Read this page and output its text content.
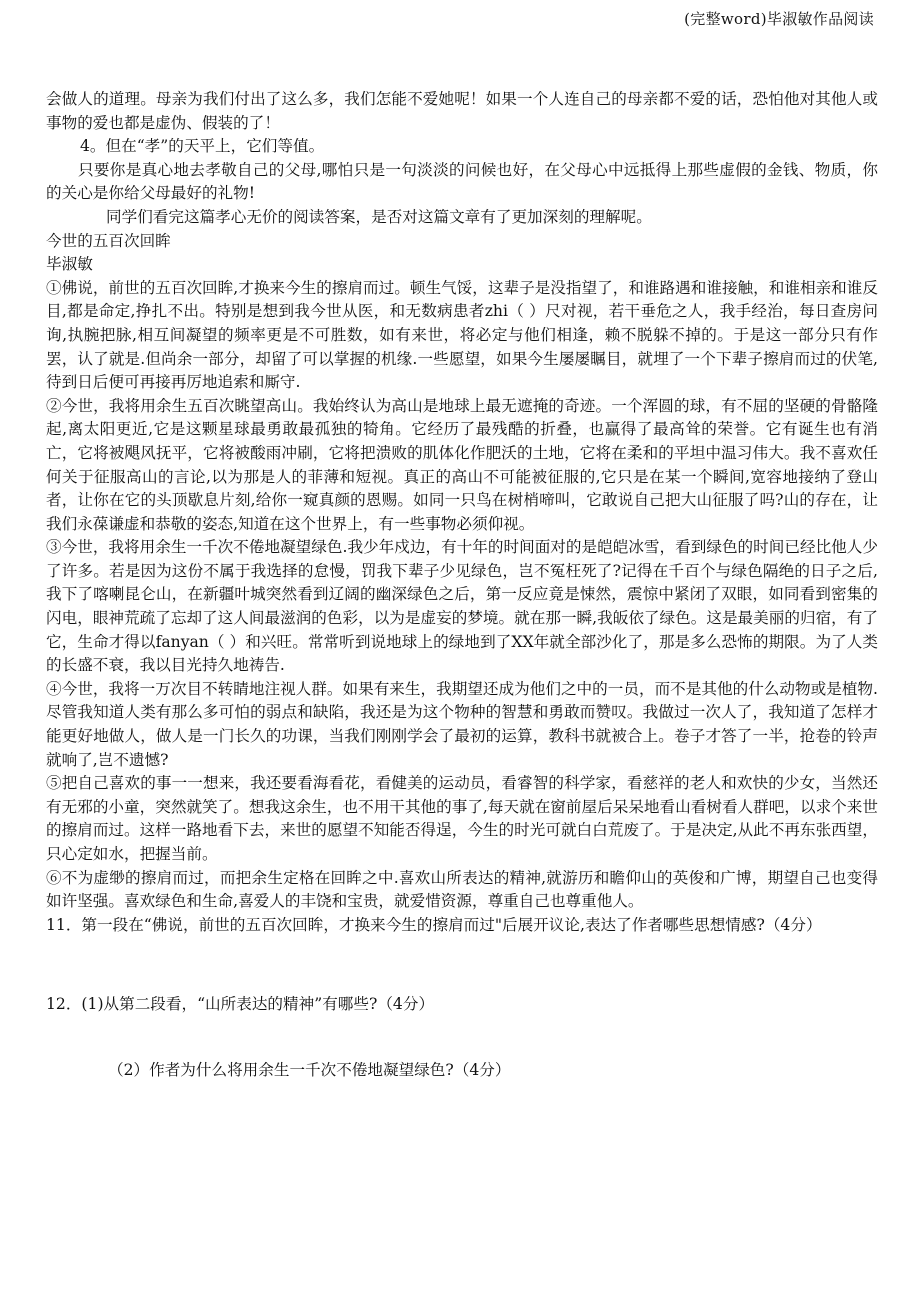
(完整word)毕淑敏作品阅读

会做人的道理。母亲为我们付出了这么多，我们怎能不爱她呢！如果一个人连自己的母亲都不爱的话，恐怕他对其他人或事物的爱也都是虚伪、假装的了！

4。但在“孝”的天平上，它们等值。

只要你是真心地去孝敬自己的父母,哪怕只是一句淡淡的问候也好，在父母心中远抵得上那些虚假的金钱、物质，你的关心是你给父母最好的礼物!

同学们看完这篇孝心无价的阅读答案，是否对这篇文章有了更加深刻的理解呢。

今世的五百次回眸

毕淑敏

①佛说，前世的五百次回眸,才换来今生的擦肩而过。顿生气馁，这辈子是没指望了，和谁路遇和谁接触，和谁相亲和谁反目,都是命定,挣扎不出。特别是想到我今世从医，和无数病患者zhi（ ）尺对视，若干垂危之人，我手经治，每日查房问询,执腕把脉,相互间凝望的频率更是不可胜数，如有来世，将必定与他们相逢，赖不脱躲不掉的。于是这一部分只有作罢，认了就是.但尚余一部分，却留了可以掌握的机缘.一些愿望，如果今生屡屡瞩目，就埋了一个下辈子擦肩而过的伏笔,待到日后便可再接再厉地追索和厮守.

②今世，我将用余生五百次眺望高山。我始终认为高山是地球上最无遮掩的奇迹。一个浑圆的球，有不屈的坚硬的骨骼隆起,离太阳更近,它是这颗星球最勇敢最孤独的犄角。它经历了最残酷的折叠，也赢得了最高耸的荣誉。它有诞生也有消亡，它将被飓风抚平，它将被酸雨冲刷，它将把溃败的肌体化作肥沃的土地，它将在柔和的平坦中温习伟大。我不喜欢任何关于征服高山的言论,以为那是人的菲薄和短视。真正的高山不可能被征服的,它只是在某一个瞬间,宽容地接纳了登山者，让你在它的头顶歇息片刻,给你一窥真颜的恩赐。如同一只鸟在树梢啼叫，它敢说自己把大山征服了吗?山的存在，让我们永葆谦虚和恭敬的姿态,知道在这个世界上，有一些事物必须仰视。

③今世，我将用余生一千次不倦地凝望绿色.我少年戍边，有十年的时间面对的是皑皑冰雪，看到绿色的时间已经比他人少了许多。若是因为这份不属于我选择的怠慢，罚我下辈子少见绿色，岂不冤枉死了?记得在千百个与绿色隔绝的日子之后,我下了喀喇昆仑山，在新疆叶城突然看到辽阔的幽深绿色之后，第一反应竟是悚然，震惊中紧闭了双眼，如同看到密集的闪电，眼神荒疏了忘却了这人间最滋润的色彩，以为是虚妄的梦境。就在那一瞬,我皈依了绿色。这是最美丽的归宿，有了它，生命才得以fanyan（ ）和兴旺。常常听到说地球上的绿地到了XX年就全部沙化了，那是多么恐怖的期限。为了人类的长盛不衰，我以目光持久地祷告.

④今世，我将一万次目不转睛地注视人群。如果有来生，我期望还成为他们之中的一员，而不是其他的什么动物或是植物.尽管我知道人类有那么多可怕的弱点和缺陷，我还是为这个物种的智慧和勇敢而赞叹。我做过一次人了，我知道了怎样才能更好地做人，做人是一门长久的功课，当我们刚刚学会了最初的运算，教科书就被合上。卷子才答了一半，抢卷的铃声就响了,岂不遗憾?

⑤把自己喜欢的事一一想来，我还要看海看花，看健美的运动员，看睿智的科学家，看慈祥的老人和欢快的少女，当然还有无邪的小童，突然就笑了。想我这余生，也不用干其他的事了,每天就在窗前屋后呆呆地看山看树看人群吧，以求个来世的擦肩而过。这样一路地看下去，来世的愿望不知能否得逞，今生的时光可就白白荒废了。于是决定,从此不再东张西望，只心定如水，把握当前。

⑥不为虚缈的擦肩而过，而把余生定格在回眸之中.喜欢山所表达的精神,就游历和瞻仰山的英俊和广博，期望自己也变得如许坚强。喜欢绿色和生命,喜爱人的丰饶和宝贵，就爱惜资源，尊重自己也尊重他人。

11．第一段在“佛说，前世的五百次回眸，才换来今生的擦肩而过"后展开议论,表达了作者哪些思想情感?（4分）

12．(1)从第二段看，“山所表达的精神”有哪些?（4分）

（2）作者为什么将用余生一千次不倦地凝望绿色?（4分）
